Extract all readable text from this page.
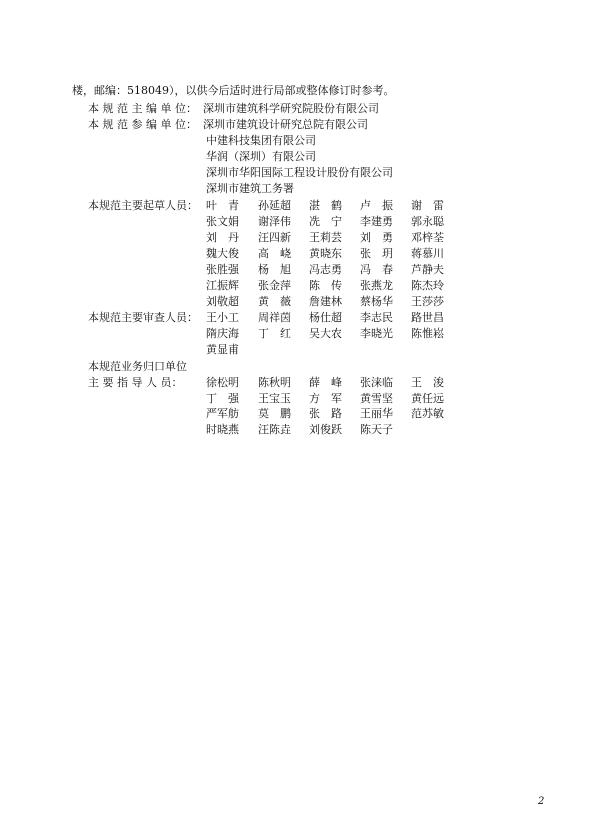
楼，邮编：518049），以供今后适时进行局部或整体修订时参考。
本 规 范 主 编 单 位： 深圳市建筑科学研究院股份有限公司
本 规 范 参 编 单 位： 深圳市建筑设计研究总院有限公司
中建科技集团有限公司
华润（深圳）有限公司
深圳市华阳国际工程设计股份有限公司
深圳市建筑工务署
本规范主要起草人员： 叶　青 孙延超 湛　鹤 卢　振 谢　雷
张文娟 谢泽伟 冼　宁 李建勇 郭永聪
刘　丹 汪四新 王莉芸 刘　勇 邓梓荃
魏大俊 高　峣 黄晓东 张　玥 蒋慕川
张胜强 杨　旭 冯志勇 冯　春 芦静夫
江振辉 张金萍 陈　传 张燕龙 陈杰玲
刘敬超 黄　薇 詹建林 蔡杨华 王莎莎
本规范主要审查人员： 王小工 周祥茵 杨仕超 李志民 路世昌
隋庆海 丁　红 吴大农 李晓光 陈惟崧
黄显甫
本规范业务归口单位
主 要 指 导 人 员： 徐松明 陈秋明 薛　峰 张涞临 王　浚
丁　强 王宝玉 方　军 黄雪坚 黄任远
严军舫 莫　鹏 张　路 王丽华 范苏敏
时晓燕 汪陈垚 刘俊跃 陈天子
2
